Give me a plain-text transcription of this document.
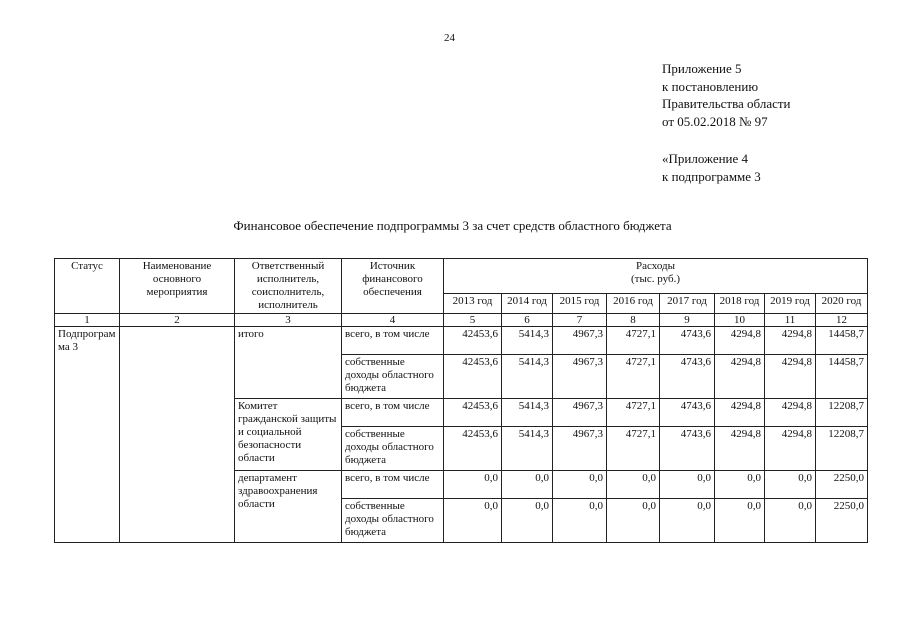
24
Приложение 5
к постановлению
Правительства области
от 05.02.2018 № 97
«Приложение 4
к подпрограмме 3
Финансовое обеспечение подпрограммы 3 за счет средств областного бюджета
Статус	Наименование основного мероприятия	Ответственный исполнитель, соисполнитель, исполнитель	Источник финансового обеспечения	Расходы
(тыс. руб.)							

				2013 год	2014 год	2015 год	2016 год	2017 год	2018 год	2019 год	2020 год
1	2	3	4	5	6	7	8	9	10	11	12
Подпрограмма 3		итого	всего, в том числе	42453,6	5414,3	4967,3	4727,1	4743,6	4294,8	4294,8	14458,7
			собственные доходы областного бюджета	42453,6	5414,3	4967,3	4727,1	4743,6	4294,8	4294,8	14458,7
		Комитет гражданской защиты и социальной безопасности области	всего, в том числе	42453,6	5414,3	4967,3	4727,1	4743,6	4294,8	4294,8	12208,7
			собственные доходы областного бюджета	42453,6	5414,3	4967,3	4727,1	4743,6	4294,8	4294,8	12208,7
		департамент здравоохранения области	всего, в том числе	0,0	0,0	0,0	0,0	0,0	0,0	0,0	2250,0
			собственные доходы областного бюджета	0,0	0,0	0,0	0,0	0,0	0,0	0,0	2250,0
